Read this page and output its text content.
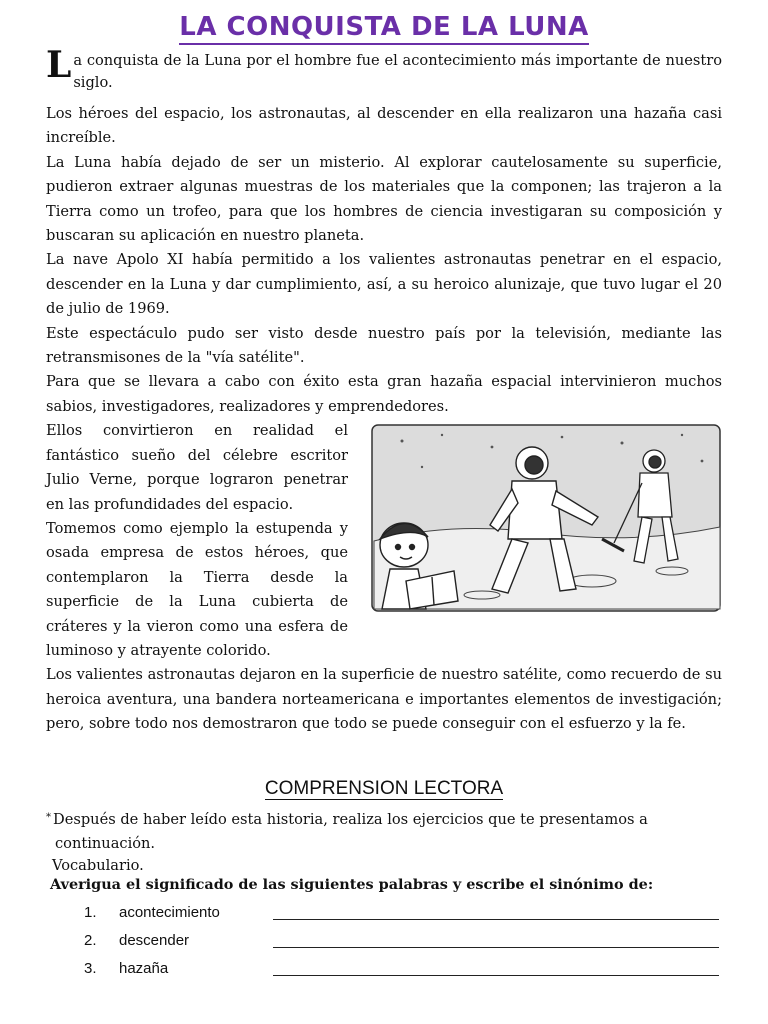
LA CONQUISTA DE LA LUNA

La conquista de la Luna por el hombre fue el acontecimiento más importante de nuestro siglo.

Los héroes del espacio, los astronautas, al descender en ella realizaron una hazaña casi increíble.

La Luna había dejado de ser un misterio. Al explorar cautelosamente su superficie, pudieron extraer algunas muestras de los materiales que la componen; las trajeron a la Tierra como un trofeo, para que los hombres de ciencia investigaran su composición y buscaran su aplicación en nuestro planeta.

La nave Apolo XI había permitido a los valientes astronautas penetrar en el espacio, descender en la Luna y dar cumplimiento, así, a su heroico alunizaje, que tuvo lugar el 20 de julio de 1969.

Este espectáculo pudo ser visto desde nuestro país por la televisión, mediante las retransmisones de la "vía satélite".

Para que se llevara a cabo con éxito esta gran hazaña espacial intervinieron muchos sabios, investigadores, realizadores y emprendedores.

Ellos convirtieron en realidad el fantástico sueño del célebre escritor Julio Verne, porque lograron penetrar en las profundidades del espacio.

Tomemos como ejemplo la estupenda y osada empresa de estos héroes, que contemplaron la Tierra desde la superficie de la Luna cubierta de cráteres y la vieron como una esfera de luminoso y atrayente colorido.

Los valientes astronautas dejaron en la superficie de nuestro satélite, como recuerdo de su heroica aventura, una bandera norteamericana e importantes elementos de investigación; pero, sobre todo nos demostraron que todo se puede conseguir con el esfuerzo y la fe.

COMPRENSION LECTORA
* Después de haber leído esta historia, realiza los ejercicios que te presentamos a
continuación.
Vocabulario.
Averigua el significado de las siguientes palabras y escribe el sinónimo de:
1. acontecimiento
2. descender
3. hazaña
